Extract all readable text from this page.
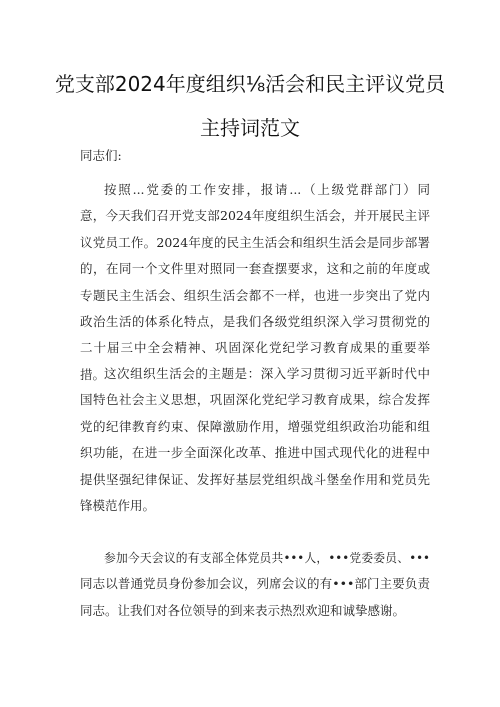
党支部2024年度组织⅛活会和民主评议党员
主持词范文
同志们:
按照...党委的工作安排，报请...（上级党群部门）同
意，今天我们召开党支部2024年度组织生活会，并开展民主评
议党员工作。2024年度的民主生活会和组织生活会是同步部署
的，在同一个文件里对照同一套查摆要求，这和之前的年度或
专题民主生活会、组织生活会都不一样，也进一步突出了党内
政治生活的体系化特点，是我们各级党组织深入学习贯彻党的
二十届三中全会精神、巩固深化党纪学习教育成果的重要举
措。
这次组织生活会的主题是：深入学习贯彻习近平新时代中
国特色社会主义思想，巩固深化党纪学习教育成果，综合发挥
党的纪律教育约束、保障激励作用，增强党组织政治功能和组
织功能，在进一步全面深化改革、推进中国式现代化的进程中
提供坚强纪律保证、发挥好基层党组织战斗堡垒作用和党员先
锋模范作用。
参加今天会议的有支部全体党员共•••人，•••党委委员、•••
同志以普通党员身份参加会议，列席会议的有•••部门主要负责
同志。让我们对各位领导的到来表示热烈欢迎和诚挚感谢。
